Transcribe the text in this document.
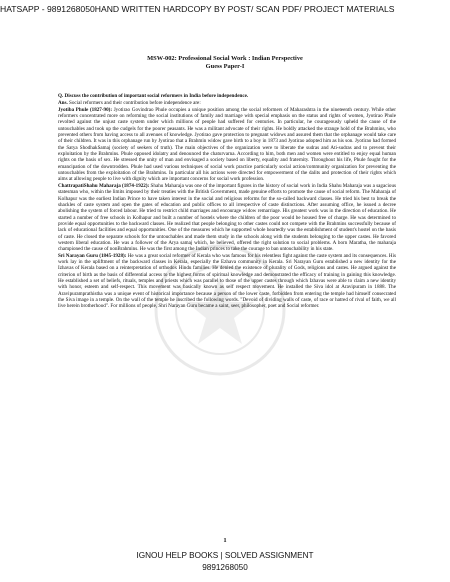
HATSAPP - 9891268050HAND WRITTEN HARDCOPY BY POST/ SCAN PDF/ PROJECT MATERIALS
MSW-002: Professional Social Work : Indian Perspective
Guess Paper-I

Q. Discuss the contribution of important social reformers in India before independence.

Ans. Social reformers and their contribution before independence are:

Jyotiba Phule (1827-90): Jyotirao Govindrao Phule occupies a unique position among the social reformers of Maharashtra in the nineteenth century. While other reformers concentrated more on reforming the social institutions of family and marriage with special emphasis on the status and rights of women, Jyotirao Phule revolted against the unjust caste system under which millions of people had suffered for centuries. In particular, he courageously upheld the cause of the untouchables and took up the cudgels for the poorer peasants. He was a militant advocate of their rights. He boldly attacked the strange hold of the Brahmins, who prevented others from having access to all avenues of knowledge. Jyotirao gave protection to pregnant widows and assured them that the orphanage would take care of their children. It was in this orphanage run by Jyotirao that a Brahmin widow gave birth to a boy in 1873 and Jyotirao adopted him as his son. Jyotirao had formed the Satya ShodhakSamaj (society of seekers of truth). The main objectives of the organization were to liberate the sudras and Ati-sudras and to prevent their exploitation by the Brahmins. Phule opposed idolatry and denounced the chaturvarna. According to him, both men and women were entitled to enjoy equal human rights on the basis of sex. He stressed the unity of man and envisaged a society based on liberty, equality and fraternity. Throughout his life, Phule fought for the emancipation of the downtrodden. Phule had used various techniques of social work practice particularly social action/community organization for preventing the untouchables from the exploitation of the Brahmins. In particular all his actions were directed for empowerment of the dalits and protection of their rights which aims at allowing people to live with dignity which are important concerns for social work profession.

ChattrapatiShahu Maharaja (1874-1922): Shahu Maharaja was one of the important figures in the history of social work in India Shahu Maharaja was a sagacious statesman who, within the limits imposed by their treaties with the British Government, made genuine efforts to promote the cause of social reform. The Maharaja of Kolhapur was the earliest Indian Prince to have taken interest in the social and religious reforms for the so-called backward classes. He tried his best to break the shackles of caste system and open the gates of education and public offices to all irrespective of caste distinctions. After assuming office, he issued a decree abolishing the system of forced labour. He tried to restrict child marriages and encourage widow remarriage. His greatest work was in the direction of education. He started a number of free schools in Kolhapur and built a number of hostels where the children of the poor would be housed free of charge. He was determined to provide equal opportunities to the backward classes. He realized that people belonging to other castes could not compete with the Brahmins successfully because of lack of educational facilities and equal opportunities. One of the measures which he supported whole heartedly was the establishment of student's hostel on the basis of caste. He closed the separate schools for the untouchables and made them study in the schools along with the students belonging to the upper castes. He favored western liberal education. He was a follower of the Arya samaj which, he believed, offered the right solution to social problems. A born Maratha, the maharaja championed the cause of nonBrahmins. He was the first among the Indian princes to take the courage to ban untouchability in his state.

Sri Narayan Guru (1845-1928): He was a great social reformer of Kerala who was famous for his relentless fight against the caste system and its consequences. His work lay in the upliftment of the backward classes in Kerala, especially the Ezhava community in Kerala. Sri Narayan Guru established a new identity for the Izhavas of Kerala based on a reinterpretation of orthodox Hindu families. He denied the existence of plurality of Gods, religions and castes. He argued against the criterion of birth as the basis of differential access to the highest forms of spiritual knowledge and demonstrated the efficacy of training in gaining this knowledge. He established a set of beliefs, rituals, temples and priests which was parallel to those of the upper castes through which Izhavas were able to claim a new identity with honor, esteem and self-respect. This movement was basically known as self respect movement. He installed the Siva idol at Aravipuram in 1888. The Aravipuramprathistha was a unique event of historical importance because a person of the lower caste, forbidden from entering the temple had himself consecrated the Siva image in a temple. On the wall of the temple he inscribed the following words. "Devoid of dividing walls of caste, of race or hatred of rival of faith, we all live herein brotherhood". For millions of people, Shri Narayan Guru became a saint, seer, philosopher, poet and Social reformer.

1
IGNOU HELP BOOKS | SOLVED ASSIGNMENT
9891268050
